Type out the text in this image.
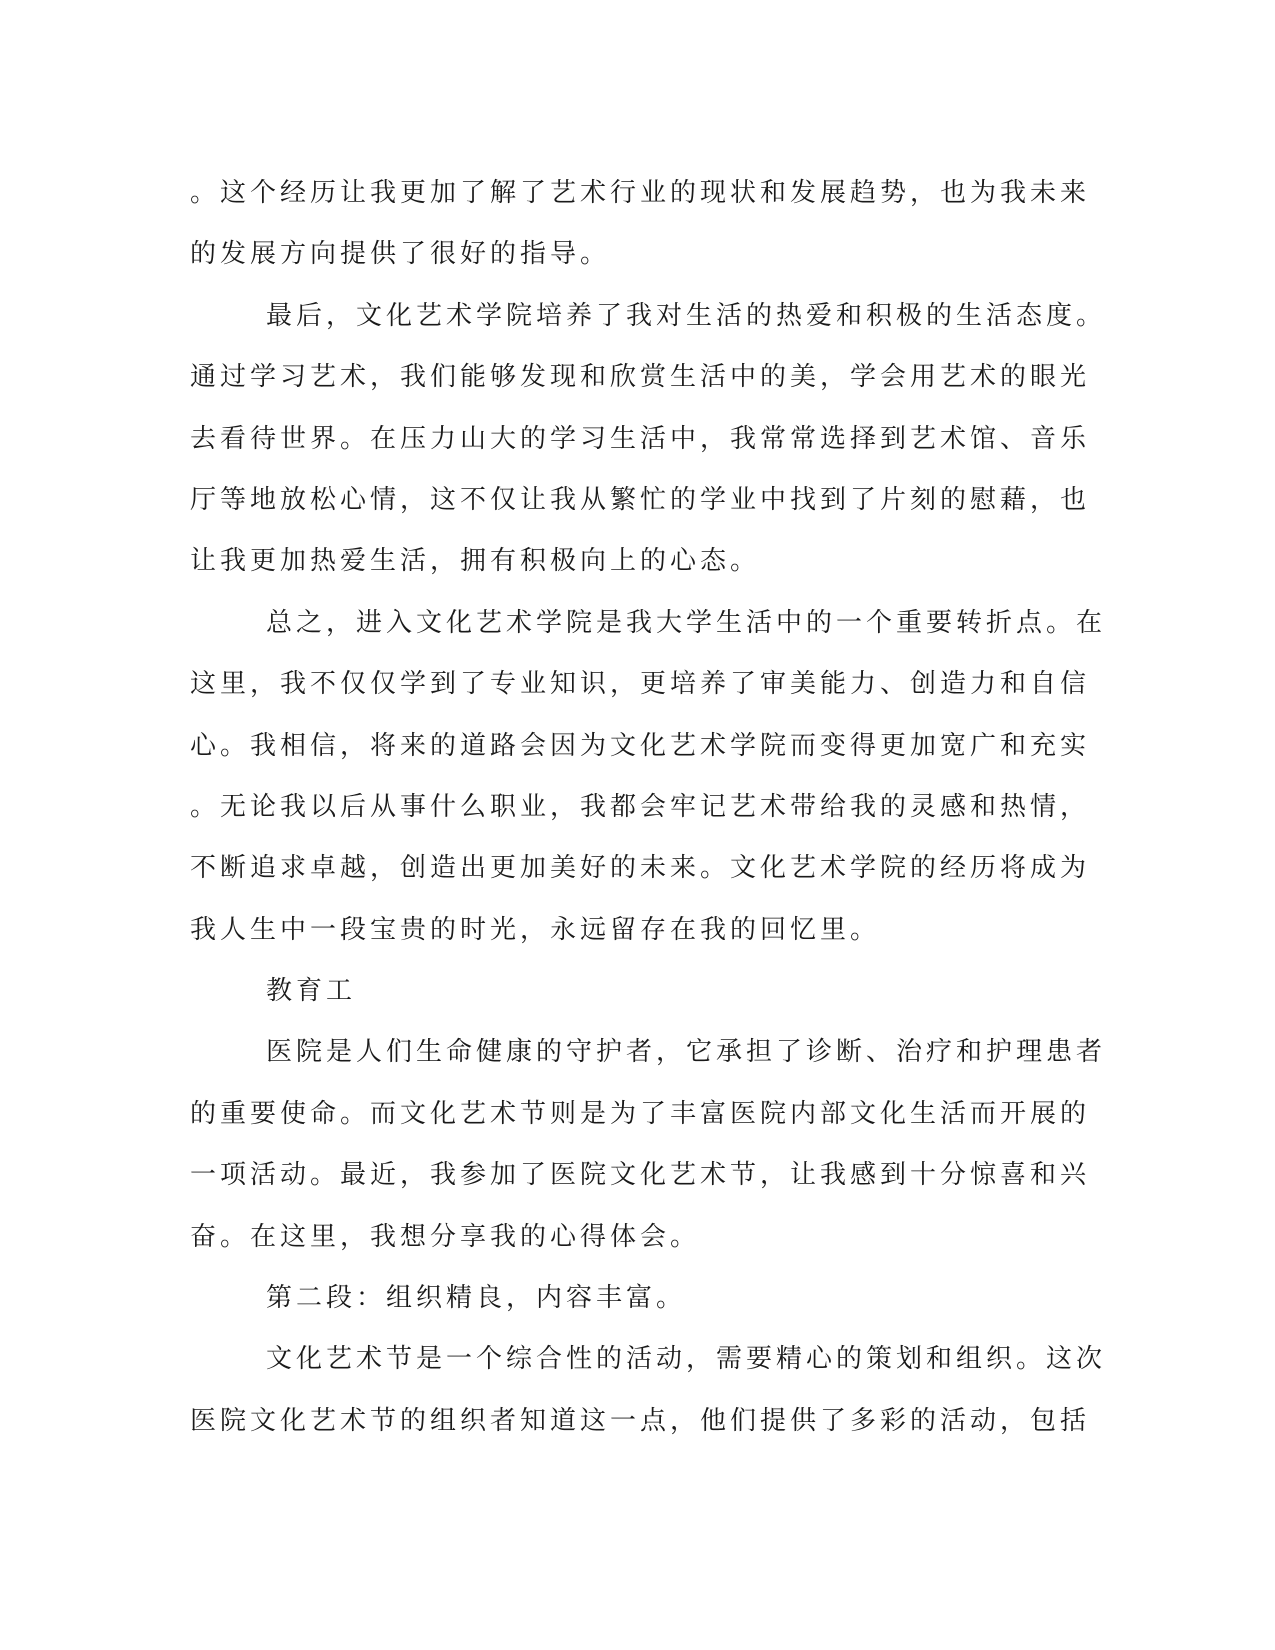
。这个经历让我更加了解了艺术行业的现状和发展趋势，也为我未来
的发展方向提供了很好的指导。
最后，文化艺术学院培养了我对生活的热爱和积极的生活态度。
通过学习艺术，我们能够发现和欣赏生活中的美，学会用艺术的眼光
去看待世界。在压力山大的学习生活中，我常常选择到艺术馆、音乐
厅等地放松心情，这不仅让我从繁忙的学业中找到了片刻的慰藉，也
让我更加热爱生活，拥有积极向上的心态。
总之，进入文化艺术学院是我大学生活中的一个重要转折点。在
这里，我不仅仅学到了专业知识，更培养了审美能力、创造力和自信
心。我相信，将来的道路会因为文化艺术学院而变得更加宽广和充实
。无论我以后从事什么职业，我都会牢记艺术带给我的灵感和热情，
不断追求卓越，创造出更加美好的未来。文化艺术学院的经历将成为
我人生中一段宝贵的时光，永远留存在我的回忆里。
教育工
医院是人们生命健康的守护者，它承担了诊断、治疗和护理患者
的重要使命。而文化艺术节则是为了丰富医院内部文化生活而开展的
一项活动。最近，我参加了医院文化艺术节，让我感到十分惊喜和兴
奋。在这里，我想分享我的心得体会。
第二段：组织精良，内容丰富。
文化艺术节是一个综合性的活动，需要精心的策划和组织。这次
医院文化艺术节的组织者知道这一点，他们提供了多彩的活动，包括
